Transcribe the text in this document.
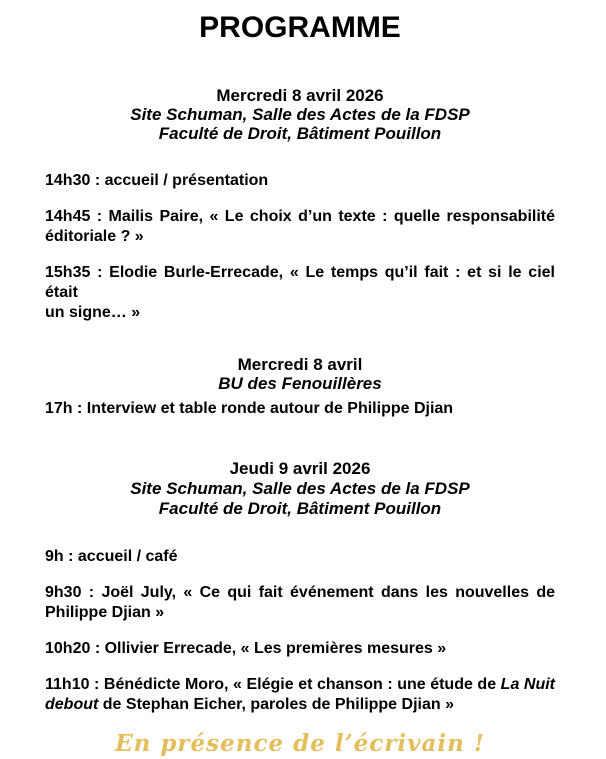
PROGRAMME
Mercredi 8 avril 2026
Site Schuman, Salle des Actes de la FDSP
Faculté de Droit, Bâtiment Pouillon
14h30 : accueil / présentation
14h45 : Mailis Paire, « Le choix d’un texte : quelle responsabilité
éditoriale ? »
15h35 : Elodie Burle-Errecade, « Le temps qu’il fait : et si le ciel était
un signe… »
Mercredi 8 avril
BU des Fenouillères
17h : Interview et table ronde autour de Philippe Djian
Jeudi 9 avril 2026
Site Schuman, Salle des Actes de la FDSP
Faculté de Droit, Bâtiment Pouillon
9h : accueil / café
9h30 : Joël July, « Ce qui fait événement dans les nouvelles de
Philippe Djian »
10h20 : Ollivier Errecade, « Les premières mesures »
11h10 : Bénédicte Moro, « Elégie et chanson : une étude de La Nuit
debout de Stephan Eicher, paroles de Philippe Djian »
En présence de l’écrivain !
